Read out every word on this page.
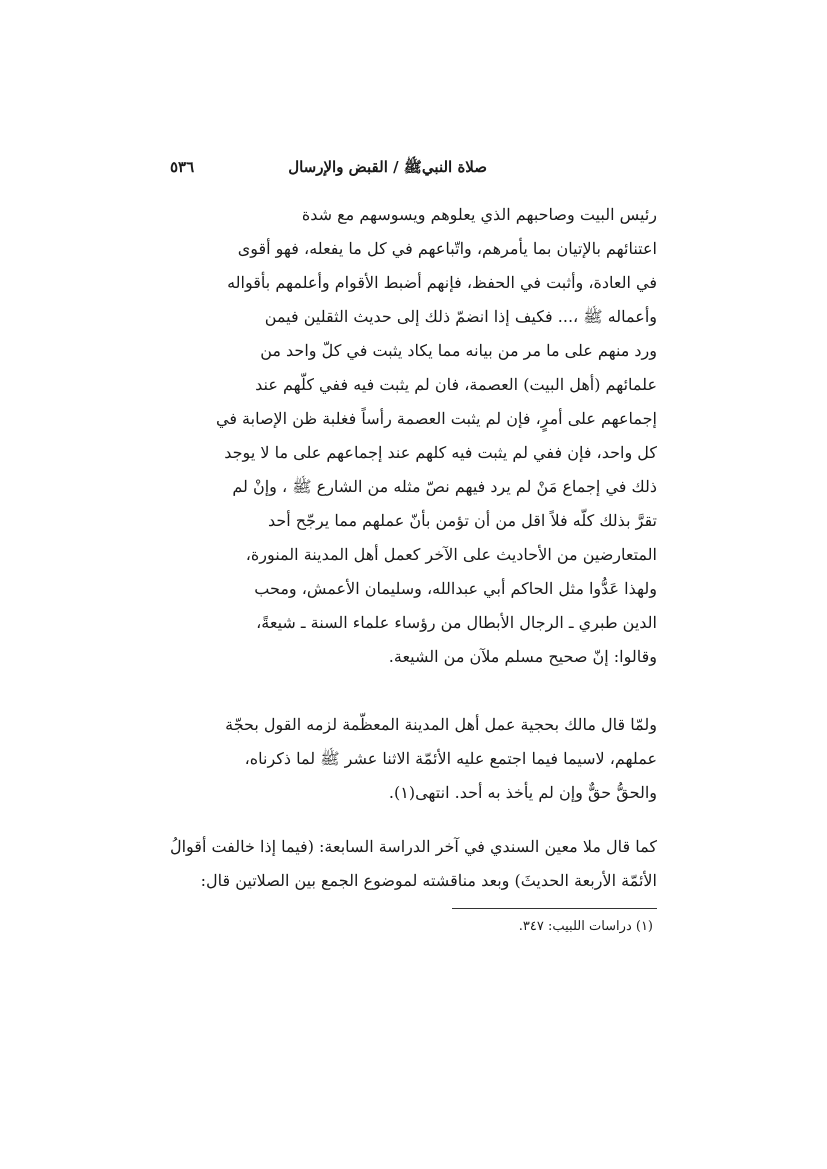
صلاة النبيﷺ / القبض والإرسال
٥٣٦
رئيس البيت وصاحبهم الذي يعلوهم ويسوسهم مع شدة
اعتنائهم بالإتيان بما يأمرهم، واتّباعهم في كل ما يفعله، فهو أقوى
في العادة، وأثبت في الحفظ، فإنهم أضبط الأقوام وأعلمهم بأقواله
وأعماله ﷺ ،... فكيف إذا انضمّ ذلك إلى حديث الثقلين فيمن
ورد منهم على ما مر من بيانه مما يكاد يثبت في كلّ واحد من
علمائهم (أهل البيت) العصمة، فان لم يثبت فيه ففي كلّهم عند
إجماعهم على أمرٍ، فإن لم يثبت العصمة رأساً فغلبة ظن الإصابة في
كل واحد، فإن ففي لم يثبت فيه كلهم عند إجماعهم على ما لا يوجد
ذلك في إجماع مَنْ لم يرد فيهم نصّ مثله من الشارع ﷺ ، وإنْ لم
تقرَّ بذلك كلّه فلاً اقل من أن تؤمن بأنّ عملهم مما يرجّح أحد
المتعارضين من الأحاديث على الآخر كعمل أهل المدينة المنورة،
ولهذا عَدُّوا مثل الحاكم أبي عبدالله، وسليمان الأعمش، ومحب
الدين طبري ـ الرجال الأبطال من رؤساء علماء السنة ـ شيعةً،
وقالوا: إنّ صحيح مسلم ملآن من الشيعة.
ولمّا قال مالك بحجية عمل أهل المدينة المعظّمة لزمه القول بحجّة
عملهم، لاسيما فيما اجتمع عليه الأئمّة الاثنا عشر ﷺ لما ذكرناه،
والحقُّ حقٌّ وإن لم يأخذ به أحد. انتهى(١).
كما قال ملا معين السندي في آخر الدراسة السابعة: (فيما إذا خالفت أقوالُ
الأئمّة الأربعة الحديثَ) وبعد مناقشته لموضوع الجمع بين الصلاتين قال:
(١) دراسات اللبيب: ٣٤٧.
